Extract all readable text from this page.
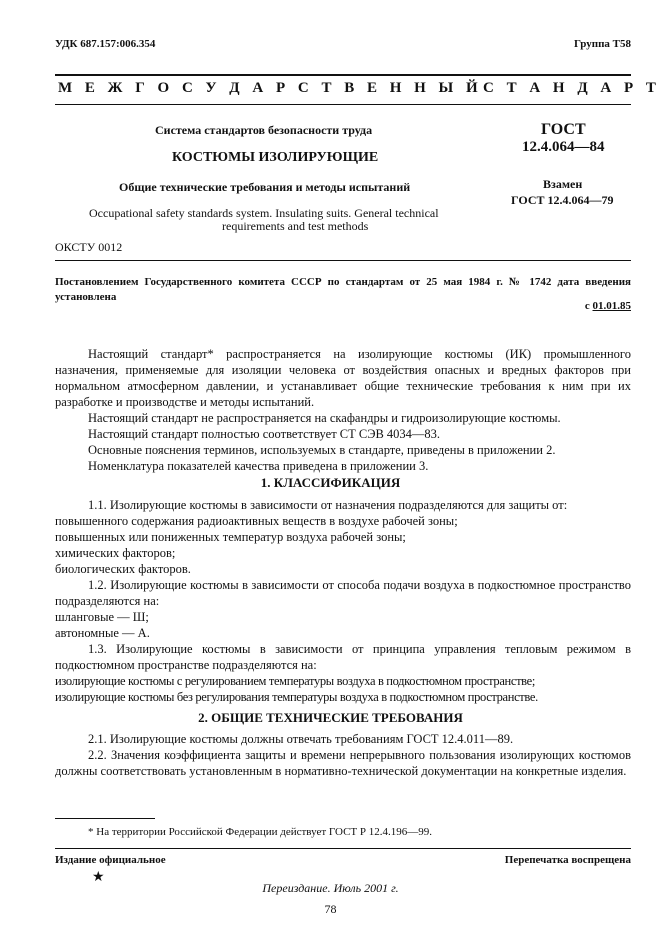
УДК 687.157:006.354	Группа Т58
М Е Ж Г О С У Д А Р С Т В Е Н Н Ы Й С Т А Н Д А Р Т
Система стандартов безопасности труда
КОСТЮМЫ ИЗОЛИРУЮЩИЕ
Общие технические требования и методы испытаний
Occupational safety standards system. Insulating suits. General technical
requirements and test methods
ГОСТ
12.4.064—84
Взамен
ГОСТ 12.4.064—79
ОКСТУ 0012
Постановлением Государственного комитета СССР по стандартам от 25 мая 1984 г. № 1742 дата введения установлена
с 01.01.85

Настоящий стандарт* распространяется на изолирующие костюмы (ИК) промышленного назначения, применяемые для изоляции человека от воздействия опасных и вредных факторов при нормальном атмосферном давлении, и устанавливает общие технические требования к ним при их разработке и производстве и методы испытаний.

Настоящий стандарт не распространяется на скафандры и гидроизолирующие костюмы.

Настоящий стандарт полностью соответствует СТ СЭВ 4034—83.

Основные пояснения терминов, используемых в стандарте, приведены в приложении 2.

Номенклатура показателей качества приведена в приложении 3.

1. КЛАССИФИКАЦИЯ

1.1. Изолирующие костюмы в зависимости от назначения подразделяются для защиты от:

повышенного содержания радиоактивных веществ в воздухе рабочей зоны;

повышенных или пониженных температур воздуха рабочей зоны;

химических факторов;

биологических факторов.

1.2. Изолирующие костюмы в зависимости от способа подачи воздуха в подкостюмное пространство подразделяются на:

шланговые — Ш;

автономные — А.

1.3. Изолирующие костюмы в зависимости от принципа управления тепловым режимом в подкостюмном пространстве подразделяются на:

изолирующие костюмы с регулированием температуры воздуха в подкостюмном пространстве;

изолирующие костюмы без регулирования температуры воздуха в подкостюмном пространстве.

2. ОБЩИЕ ТЕХНИЧЕСКИЕ ТРЕБОВАНИЯ

2.1. Изолирующие костюмы должны отвечать требованиям ГОСТ 12.4.011—89.

2.2. Значения коэффициента защиты и времени непрерывного пользования изолирующих костюмов должны соответствовать установленным в нормативно-технической документации на конкретные изделия.

* На территории Российской Федерации действует ГОСТ Р 12.4.196—99.
Издание официальное
★
Перепечатка воспрещена
Переиздание. Июль 2001 г.
78
